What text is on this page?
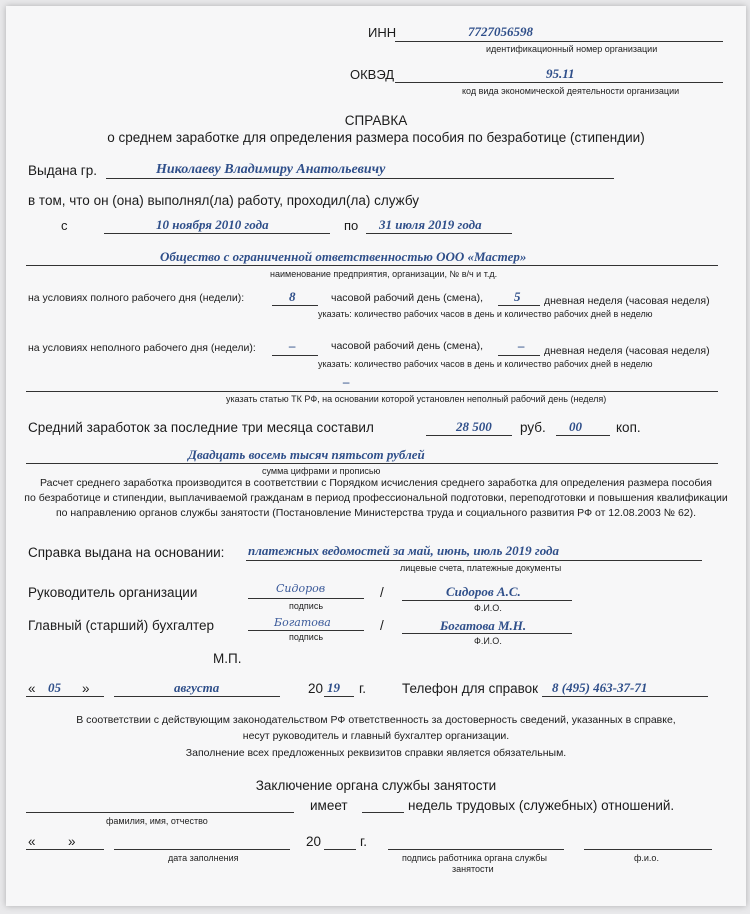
ИНН	7727056598
идентификационный номер организации
ОКВЭД	95.11
код вида экономической деятельности организации
СПРАВКА
о среднем заработке для определения размера пособия по безработице (стипендии)
Выдана гр.	Николаеву Владимиру Анатольевичу
в том, что он (она) выполнял(ла) работу, проходил(ла) службу
с	10 ноября 2010 года	по 31 июля 2019 года
Общество с ограниченной ответственностью ООО «Мастер»
наименование предприятия, организации, № в/ч и т.д.
на условиях полного рабочего дня (недели):	8	часовой рабочий день (смена), 5 дневная неделя (часовая неделя)
указать: количество рабочих часов в день и количество рабочих дней в неделю
на условиях неполного рабочего дня (недели):	–	часовой рабочий день (смена),	– дневная неделя (часовая неделя)
указать: количество рабочих часов в день и количество рабочих дней в неделю
–
указать статью ТК РФ, на основании которой установлен неполный рабочий день (неделя)
Средний заработок за последние три месяца составил	28 500 руб. 00	коп.
Двадцать восемь тысяч пятьсот рублей
сумма цифрами и прописью
Расчет среднего заработка производится в соответствии с Порядком исчисления среднего заработка для определения размера пособия
по безработице и стипендии, выплачиваемой гражданам в период профессиональной подготовки, переподготовки и повышения квалификации
по направлению органов службы занятости (Постановление Министерства труда и социального развития РФ от 12.08.2003 № 62).
Справка выдана на основании: платежных ведомостей за май, июнь, июль 2019 года
лицевые счета, платежные документы
Руководитель организации	Сидоров
подпись
/	Сидоров А.С.
Ф.И.О.
Главный (старший) бухгалтер	Богатова
подпись
/	Богатова М.Н.
Ф.И.О.
М.П.
« 05 »	августа	20 19 г.	Телефон для справок 8 (495) 463-37-71
В соответствии с действующим законодательством РФ ответственность за достоверность сведений, указанных в справке,
несут руководитель и главный бухгалтер организации.
Заполнение всех предложенных реквизитов справки является обязательным.
Заключение органа службы занятости
фамилия, имя, отчество
имеет	недель трудовых (служебных) отношений.
« »
дата заполнения
20	г.
подпись работника органа службы
занятости
ф.и.о.
